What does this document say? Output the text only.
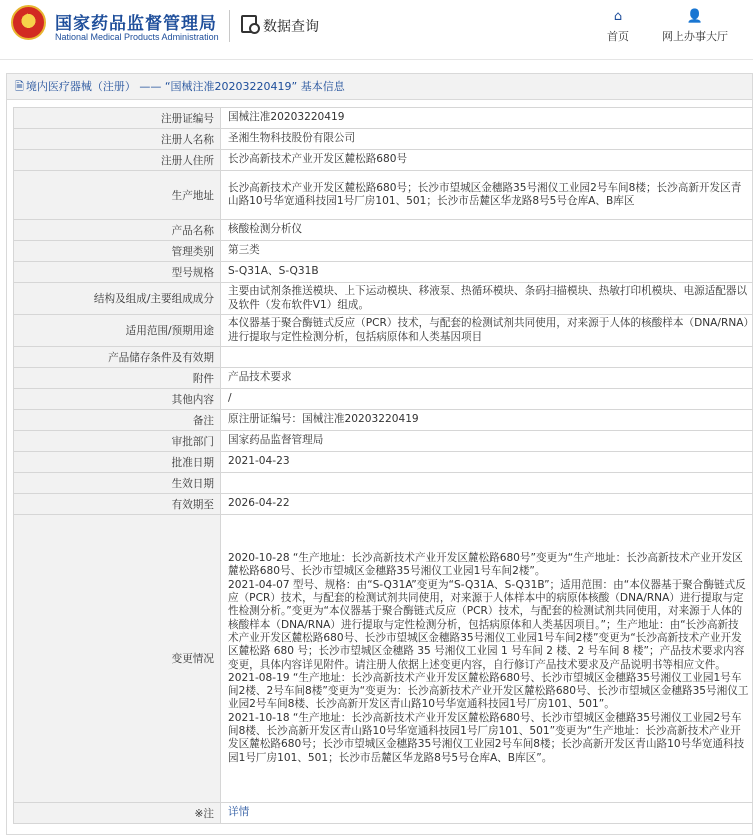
★ 国家药品监督管理局
National Medical Products Administration
数据查询
⌂
首页
👤
网上办事大厅
🗎 境内医疗器械（注册） —— “国械注准20203220419” 基本信息
注册证编号	国械注准20203220419
注册人名称	圣湘生物科技股份有限公司
注册人住所	长沙高新技术产业开发区麓松路680号
生产地址	长沙高新技术产业开发区麓松路680号；长沙市望城区金穗路35号湘仪工业园2号车间8楼；长沙高新开发区青山路10号华宽通科技园1号厂房101、501；长沙市岳麓区华龙路8号5号仓库A、B库区
产品名称	核酸检测分析仪
管理类别	第三类
型号规格	S-Q31A、S-Q31B
结构及组成/主要组成成分	主要由试剂条推送模块、上下运动模块、移液泵、热循环模块、条码扫描模块、热敏打印机模块、电源适配器以及软件（发布软件V1）组成。
适用范围/预期用途	本仪器基于聚合酶链式反应（PCR）技术，与配套的检测试剂共同使用，对来源于人体的核酸样本（DNA/RNA）进行提取与定性检测分析，包括病原体和人类基因项目
产品储存条件及有效期	
附件	产品技术要求
其他内容	/
备注	原注册证编号：国械注准20203220419
审批部门	国家药品监督管理局
批准日期	2021-04-23
生效日期	
有效期至	2026-04-22
变更情况	2020-10-28 “生产地址：长沙高新技术产业开发区麓松路680号”变更为“生产地址：长沙高新技术产业开发区麓松路680号、长沙市望城区金穗路35号湘仪工业园1号车间2楼”。
2021-04-07 型号、规格：由“S-Q31A”变更为“S-Q31A、S-Q31B”；适用范围：由“本仪器基于聚合酶链式反应（PCR）技术，与配套的检测试剂共同使用，对来源于人体样本中的病原体核酸（DNA/RNA）进行提取与定性检测分析。”变更为“本仪器基于聚合酶链式反应（PCR）技术，与配套的检测试剂共同使用，对来源于人体的核酸样本（DNA/RNA）进行提取与定性检测分析，包括病原体和人类基因项目。”；生产地址：由“长沙高新技术产业开发区麓松路680号、长沙市望城区金穗路35号湘仪工业园1号车间2楼”变更为“长沙高新技术产业开发区麓松路 680 号；长沙市望城区金穗路 35 号湘仪工业园 1 号车间 2 楼、2 号车间 8 楼”；产品技术要求内容变更，具体内容详见附件。请注册人依据上述变更内容，自行修订产品技术要求及产品说明书等相应文件。
2021-08-19 “生产地址：长沙高新技术产业开发区麓松路680号、长沙市望城区金穗路35号湘仪工业园1号车间2楼、2号车间8楼”变更为“变更为：长沙高新技术产业开发区麓松路680号、长沙市望城区金穗路35号湘仪工业园2号车间8楼、长沙高新开发区青山路10号华宽通科技园1号厂房101、501”。
2021-10-18 “生产地址：长沙高新技术产业开发区麓松路680号、长沙市望城区金穗路35号湘仪工业园2号车间8楼、长沙高新开发区青山路10号华宽通科技园1号厂房101、501”变更为“生产地址：长沙高新技术产业开发区麓松路680号；长沙市望城区金穗路35号湘仪工业园2号车间8楼；长沙高新开发区青山路10号华宽通科技园1号厂房101、501；长沙市岳麓区华龙路8号5号仓库A、B库区”。
※注	详情
